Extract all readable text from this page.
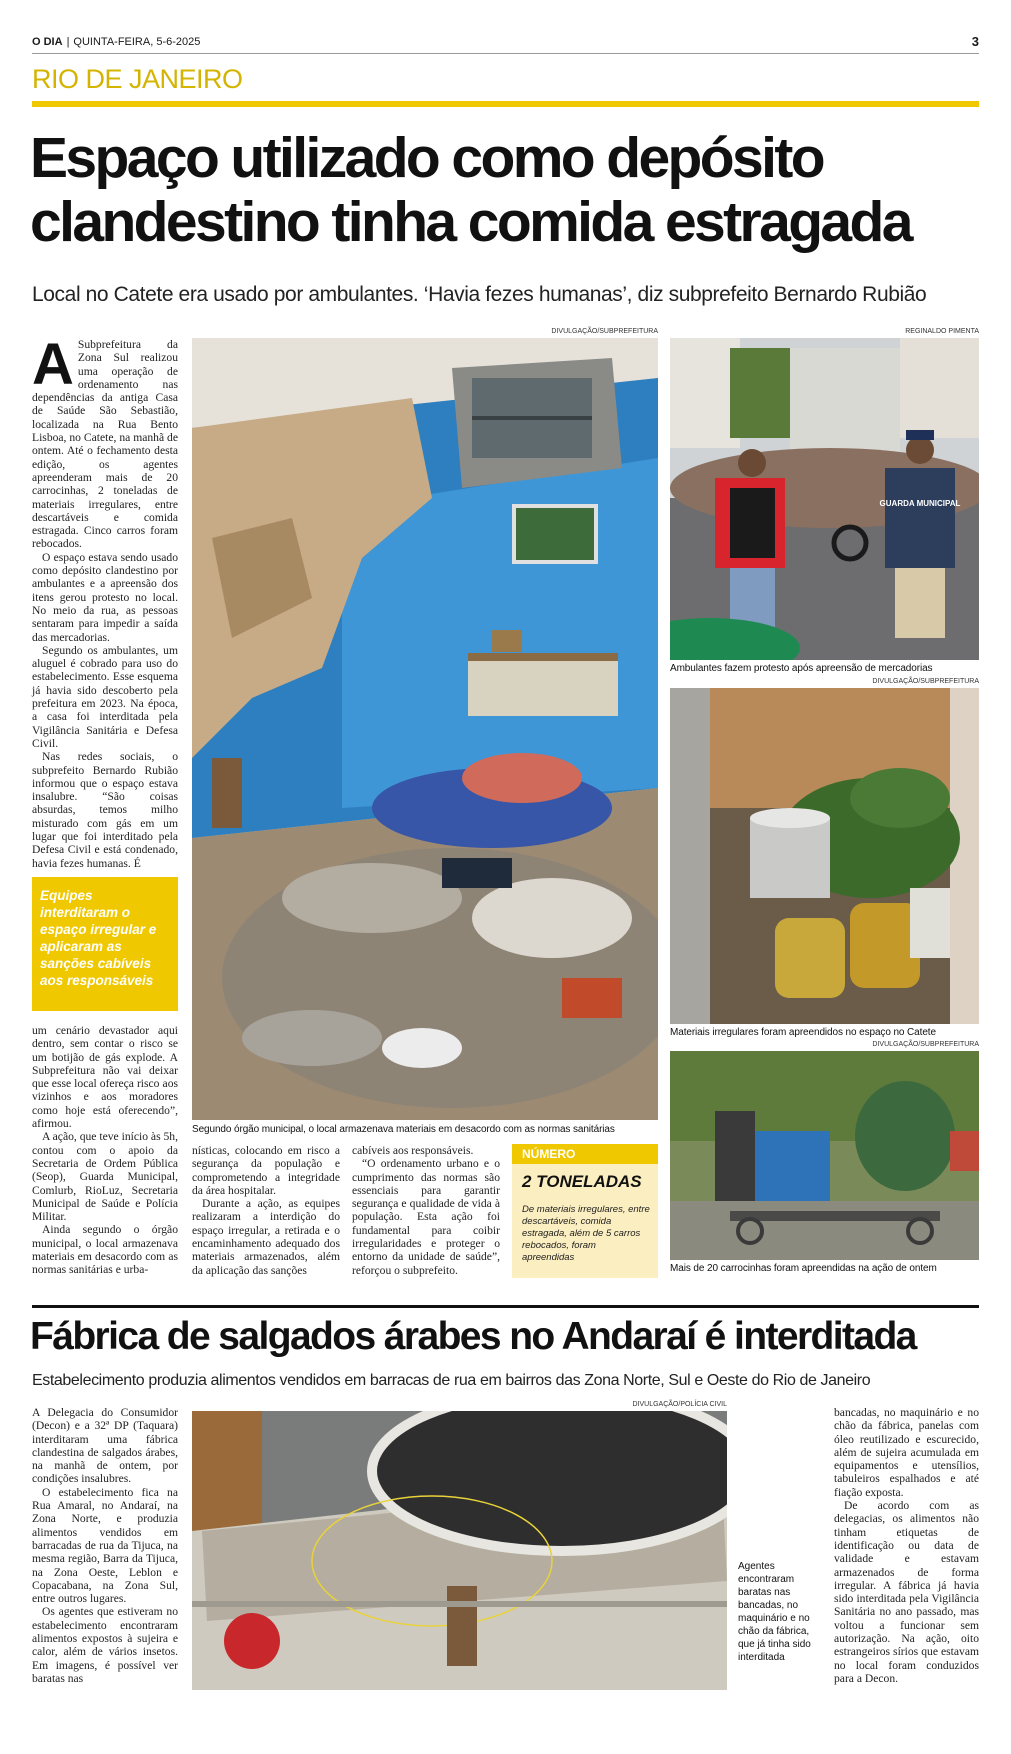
O DIA | QUINTA-FEIRA, 5-6-2025	3
RIO DE JANEIRO
Espaço utilizado como depósito clandestino tinha comida estragada
Local no Catete era usado por ambulantes. ‘Havia fezes humanas’, diz subprefeito Bernardo Rubião

A Subprefeitura da Zona Sul realizou uma operação de ordenamento nas dependências da antiga Casa de Saúde São Sebastião, localizada na Rua Bento Lisboa, no Catete, na manhã de ontem. Até o fechamento desta edição, os agentes apreenderam mais de 20 carrocinhas, 2 toneladas de materiais irregulares, entre descartáveis e comida estragada. Cinco carros foram rebocados.

O espaço estava sendo usado como depósito clandestino por ambulantes e a apreensão dos itens gerou protesto no local. No meio da rua, as pessoas sentaram para impedir a saída das mercadorias.

Segundo os ambulantes, um aluguel é cobrado para uso do estabelecimento. Esse esquema já havia sido descoberto pela prefeitura em 2023. Na época, a casa foi interditada pela Vigilância Sanitária e Defesa Civil.

Nas redes sociais, o subprefeito Bernardo Rubião informou que o espaço estava insalubre. “São coisas absurdas, temos milho misturado com gás em um lugar que foi interditado pela Defesa Civil e está condenado, havia fezes humanas. É

Equipes interditaram o espaço irregular e aplicaram as sanções cabíveis aos responsáveis

um cenário devastador aqui dentro, sem contar o risco se um botijão de gás explode. A Subprefeitura não vai deixar que esse local ofereça risco aos vizinhos e aos moradores como hoje está oferecendo”, afirmou.

A ação, que teve início às 5h, contou com o apoio da Secretaria de Ordem Pública (Seop), Guarda Municipal, Comlurb, RioLuz, Secretaria Municipal de Saúde e Polícia Militar.

Ainda segundo o órgão municipal, o local armazenava materiais em desacordo com as normas sanitárias e urba-

nísticas, colocando em risco a segurança da população e comprometendo a integridade da área hospitalar.

Durante a ação, as equipes realizaram a interdição do espaço irregular, a retirada e o encaminhamento adequado dos materiais armazenados, além da aplicação das sanções

cabíveis aos responsáveis.

“O ordenamento urbano e o cumprimento das normas são essenciais para garantir segurança e qualidade de vida à população. Esta ação foi fundamental para coibir irregularidades e proteger o entorno da unidade de saúde”, reforçou o subprefeito.

NÚMERO
2 TONELADAS
De materiais irregulares, entre descartáveis, comida estragada, além de 5 carros rebocados, foram apreendidas
DIVULGAÇÃO/SUBPREFEITURA
Segundo órgão municipal, o local armazenava materiais em desacordo com as normas sanitárias
REGINALDO PIMENTA
GUARDA MUNICIPAL
Ambulantes fazem protesto após apreensão de mercadorias
DIVULGAÇÃO/SUBPREFEITURA
Materiais irregulares foram apreendidos no espaço no Catete
DIVULGAÇÃO/SUBPREFEITURA
Mais de 20 carrocinhas foram apreendidas na ação de ontem
Fábrica de salgados árabes no Andaraí é interditada
Estabelecimento produzia alimentos vendidos em barracas de rua em bairros das Zona Norte, Sul e Oeste do Rio de Janeiro

A Delegacia do Consumidor (Decon) e a 32ª DP (Taquara) interditaram uma fábrica clandestina de salgados árabes, na manhã de ontem, por condições insalubres.

O estabelecimento fica na Rua Amaral, no Andaraí, na Zona Norte, e produzia alimentos vendidos em barracadas de rua da Tijuca, na mesma região, Barra da Tijuca, na Zona Oeste, Leblon e Copacabana, na Zona Sul, entre outros lugares.

Os agentes que estiveram no estabelecimento encontraram alimentos expostos à sujeira e calor, além de vários insetos. Em imagens, é possível ver baratas nas

DIVULGAÇÃO/POLÍCIA CIVIL
Agentes encontraram baratas nas bancadas, no maquinário e no chão da fábrica, que já tinha sido interditada

bancadas, no maquinário e no chão da fábrica, panelas com óleo reutilizado e escurecido, além de sujeira acumulada em equipamentos e utensílios, tabuleiros espalhados e até fiação exposta.

De acordo com as delegacias, os alimentos não tinham etiquetas de identificação ou data de validade e estavam armazenados de forma irregular. A fábrica já havia sido interditada pela Vigilância Sanitária no ano passado, mas voltou a funcionar sem autorização. Na ação, oito estrangeiros sírios que estavam no local foram conduzidos para a Decon.
